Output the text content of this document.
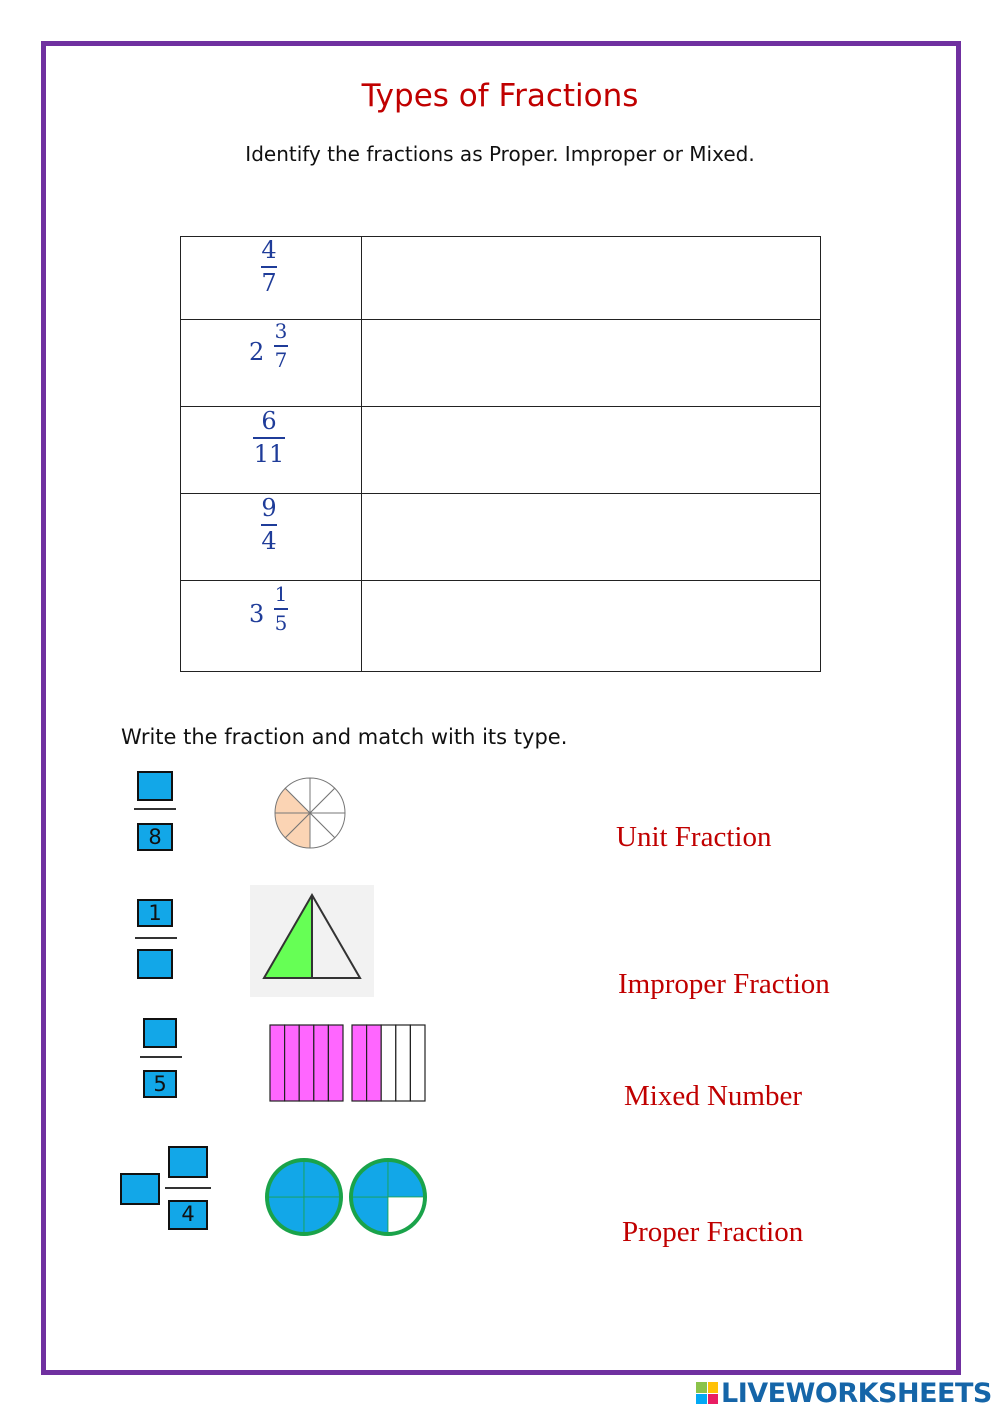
Types of Fractions
Identify the fractions as Proper. Improper or Mixed.
4
7
2
3
7
6
11
9
4
3
1
5
Write the fraction and match with its type.
8
1
5
4
Unit Fraction
Improper Fraction
Mixed Number
Proper Fraction
LIVEWORKSHEETS
